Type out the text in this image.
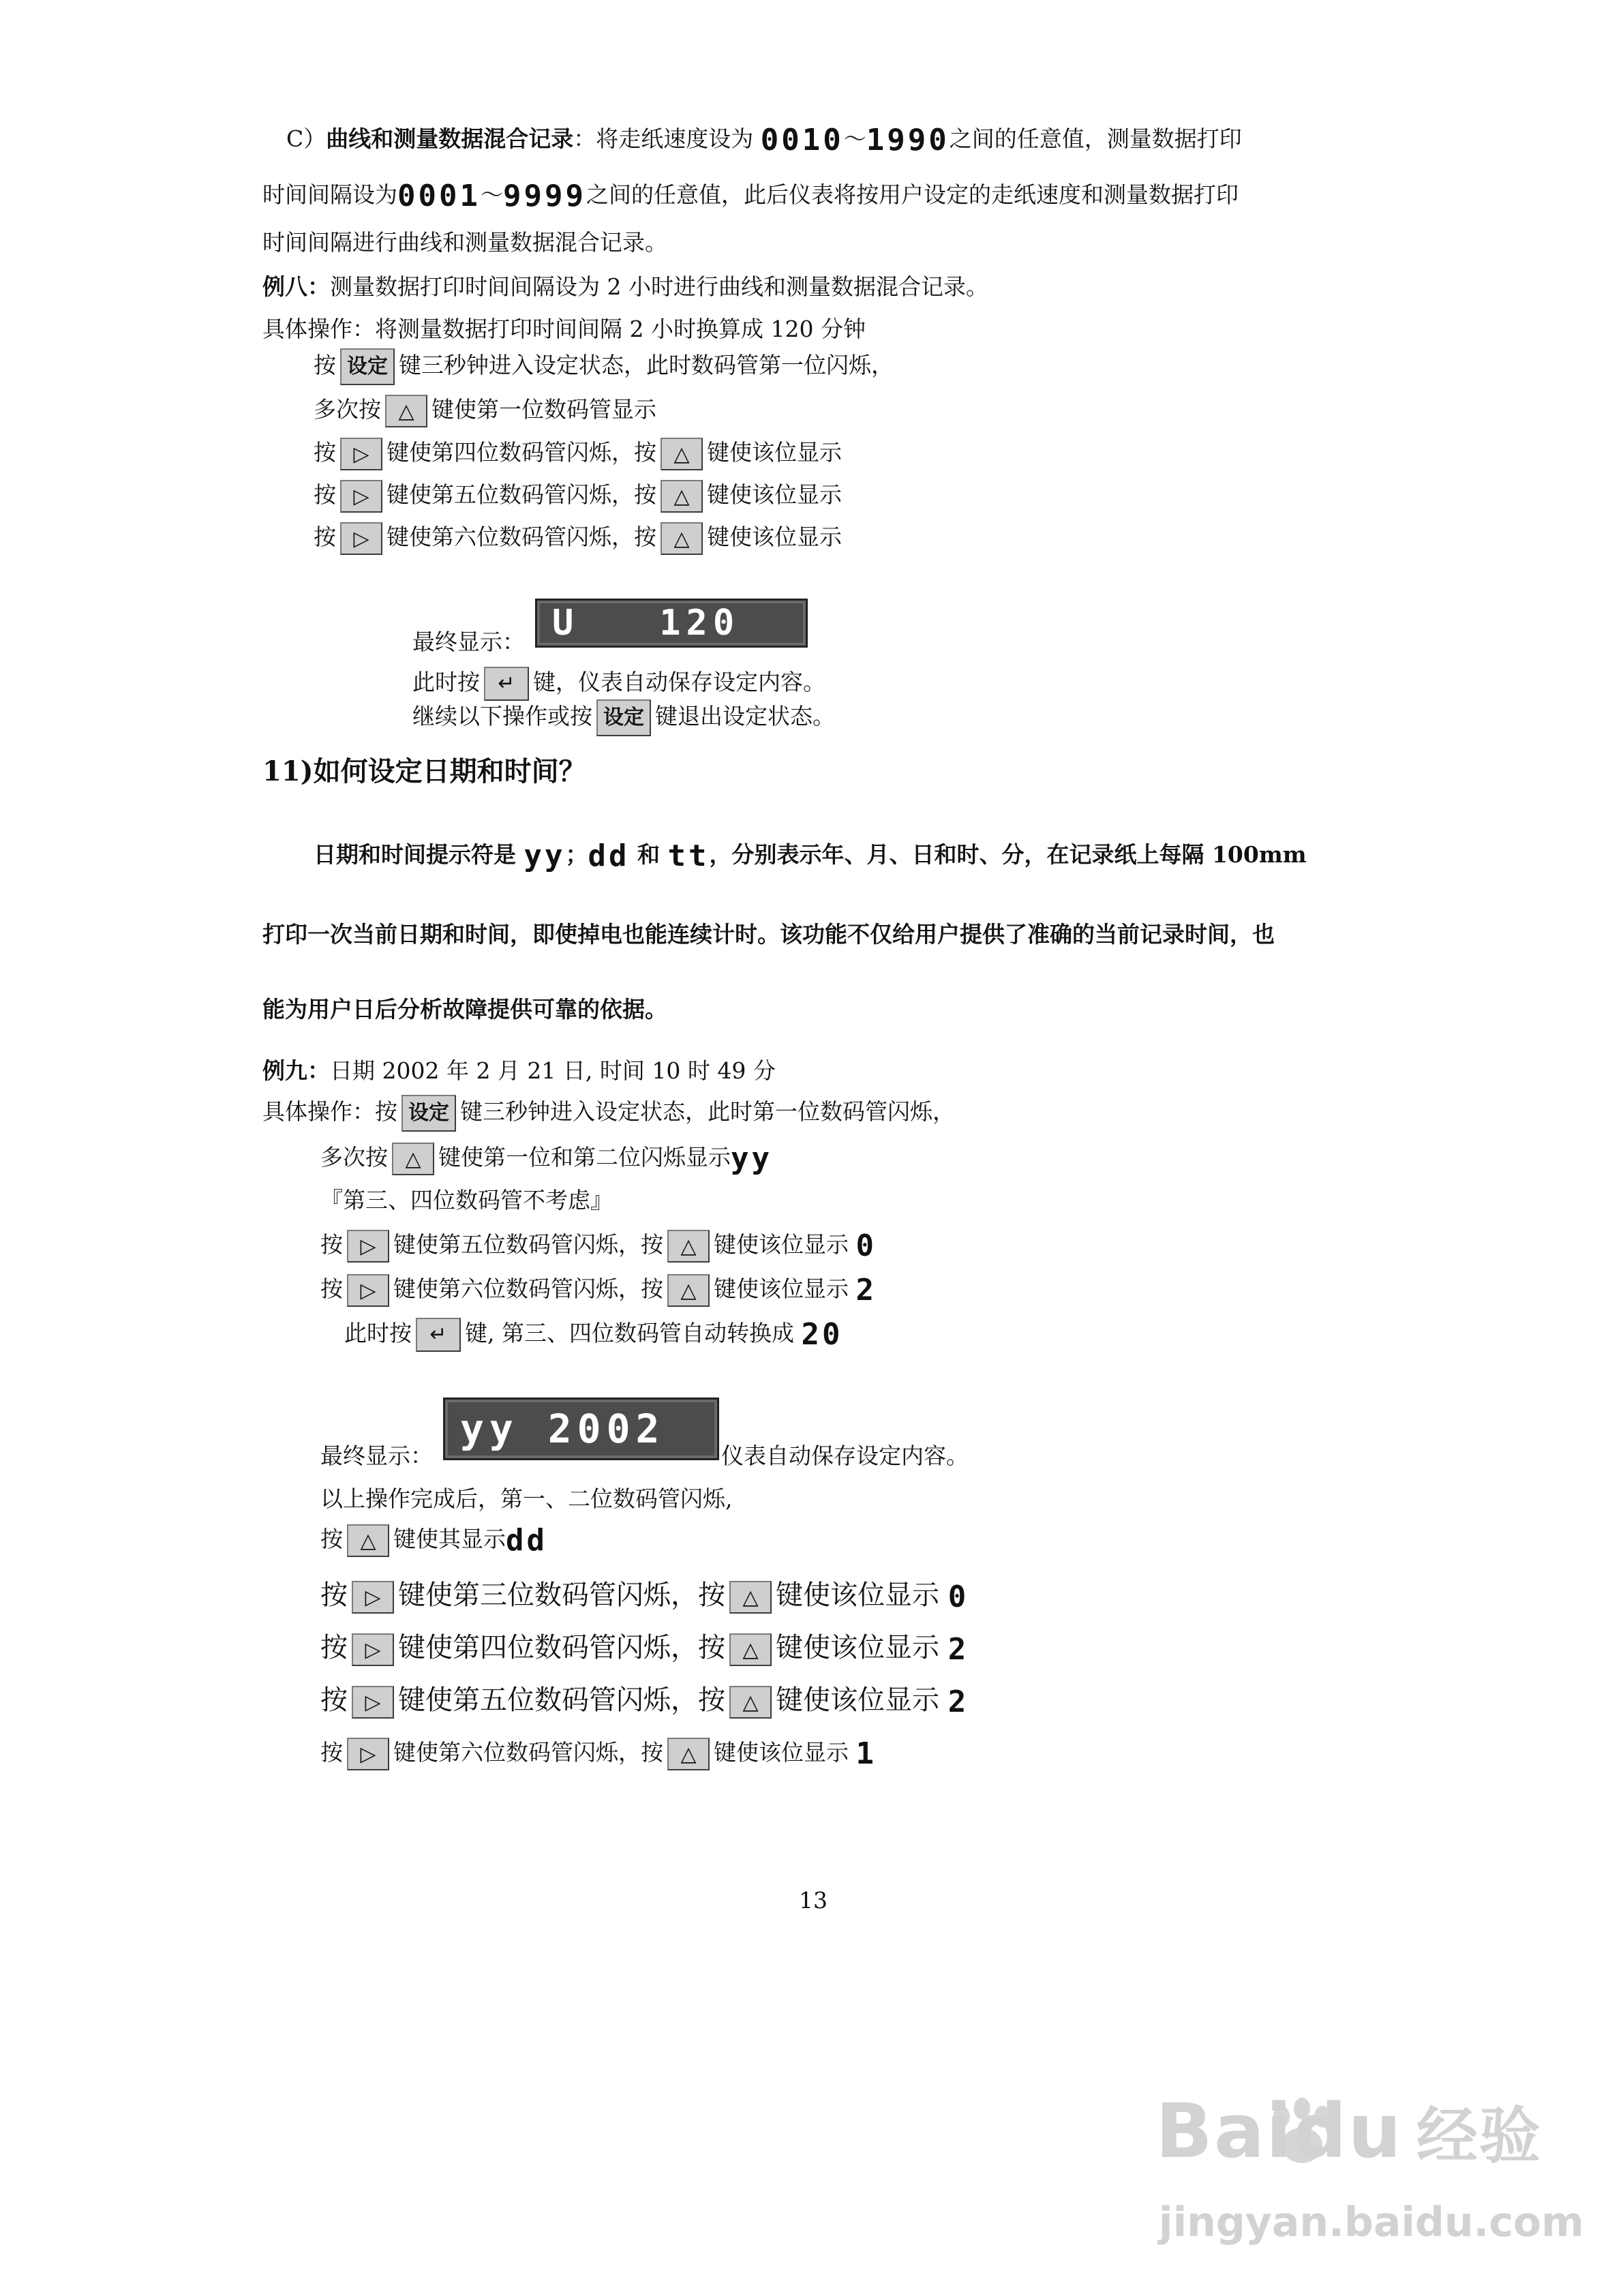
C）曲线和测量数据混合记录：将走纸速度设为 0010～1990之间的任意值，测量数据打印
时间间隔设为0001～9999之间的任意值，此后仪表将按用户设定的走纸速度和测量数据打印
时间间隔进行曲线和测量数据混合记录。
例八：测量数据打印时间间隔设为 2 小时进行曲线和测量数据混合记录。
具体操作：将测量数据打印时间间隔 2 小时换算成 120 分钟
按 设定 键三秒钟进入设定状态，此时数码管第一位闪烁，
多次按 △ 键使第一位数码管显示
按 ▷ 键使第四位数码管闪烁，按 △ 键使该位显示
按 ▷ 键使第五位数码管闪烁，按 △ 键使该位显示
按 ▷ 键使第六位数码管闪烁，按 △ 键使该位显示
最终显示： U   120
此时按 ↵ 键，仪表自动保存设定内容。
继续以下操作或按 设定 键退出设定状态。
11)如何设定日期和时间？
日期和时间提示符是 yy；dd 和 tt，分别表示年、月、日和时、分，在记录纸上每隔 100mm
打印一次当前日期和时间，即使掉电也能连续计时。该功能不仅给用户提供了准确的当前记录时间，也
能为用户日后分析故障提供可靠的依据。
例九：日期 2002 年 2 月 21 日, 时间 10 时 49 分
具体操作：按 设定 键三秒钟进入设定状态，此时第一位数码管闪烁，
多次按 △ 键使第一位和第二位闪烁显示yy
『第三、四位数码管不考虑』
按 ▷ 键使第五位数码管闪烁，按 △ 键使该位显示 0
按 ▷ 键使第六位数码管闪烁，按 △ 键使该位显示 2
此时按 ↵ 键, 第三、四位数码管自动转换成 20
yy 2002
最终显示：	仪表自动保存设定内容。
以上操作完成后，第一、二位数码管闪烁,
按 △ 键使其显示dd
按 ▷ 键使第三位数码管闪烁，按 △ 键使该位显示 0
按 ▷ 键使第四位数码管闪烁，按 △ 键使该位显示 2
按 ▷ 键使第五位数码管闪烁，按 △ 键使该位显示 2
按 ▷ 键使第六位数码管闪烁，按 △ 键使该位显示 1
13
Baidu 经验
jingyan.baidu.com
